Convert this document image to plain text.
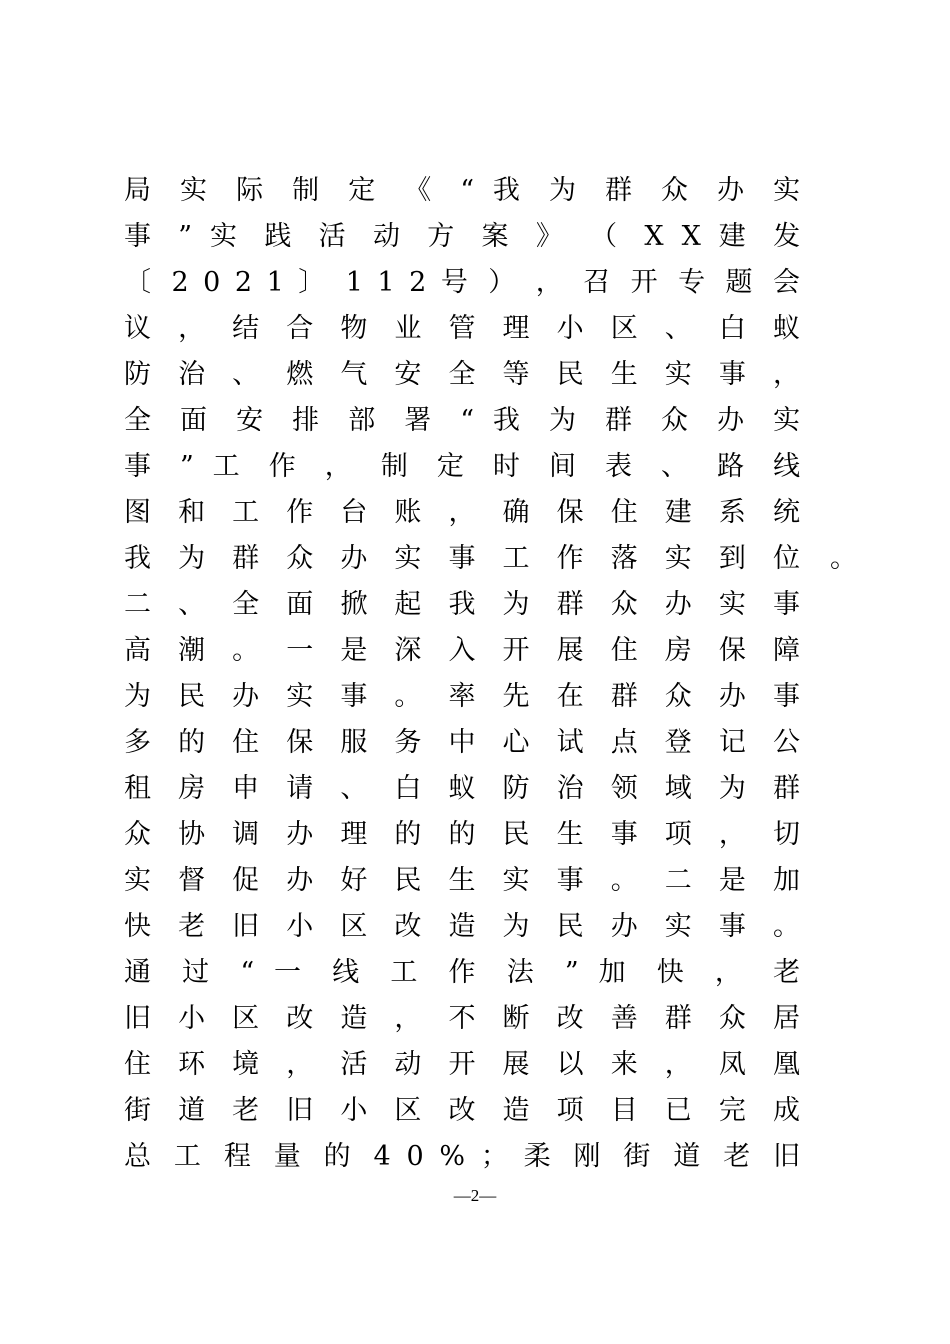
局 实 际 制 定 《 “ 我 为 群 众 办 实
事 ” 实 践 活 动 方 案 》 （ X X 建 发
〔 2 0 2 1 〕 1 1 2 号 ） ， 召 开 专 题 会
议 ， 结 合 物 业 管 理 小 区 、 白 蚁
防 治 、 燃 气 安 全 等 民 生 实 事 ，
全 面 安 排 部 署 “ 我 为 群 众 办 实
事 ” 工 作 ， 制 定 时 间 表 、 路 线
图 和 工 作 台 账 ， 确 保 住 建 系 统
我 为 群 众 办 实 事 工 作 落 实 到 位
二 、 全 面 掀 起 我 为 群 众 办 实 事
高 潮 。 一 是 深 入 开 展 住 房 保 障
为 民 办 实 事 。 率 先 在 群 众 办 事
多 的 住 保 服 务 中 心 试 点 登 记 公
租 房 申 请 、 白 蚁 防 治 领 域 为 群
众 协 调 办 理 的 的 民 生 事 项 ， 切
实 督 促 办 好 民 生 实 事 。 二 是 加
快 老 旧 小 区 改 造 为 民 办 实 事 。
通 过 “ 一 线 工 作 法 ” 加 快 ， 老
旧 小 区 改 造 ， 不 断 改 善 群 众 居
住 环 境 ， 活 动 开 展 以 来 ， 凤 凰
街 道 老 旧 小 区 改 造 项 目 已 完 成
总 工 程 量 的 4 0 % ； 柔 刚 街 道 老 旧
。
—2—
